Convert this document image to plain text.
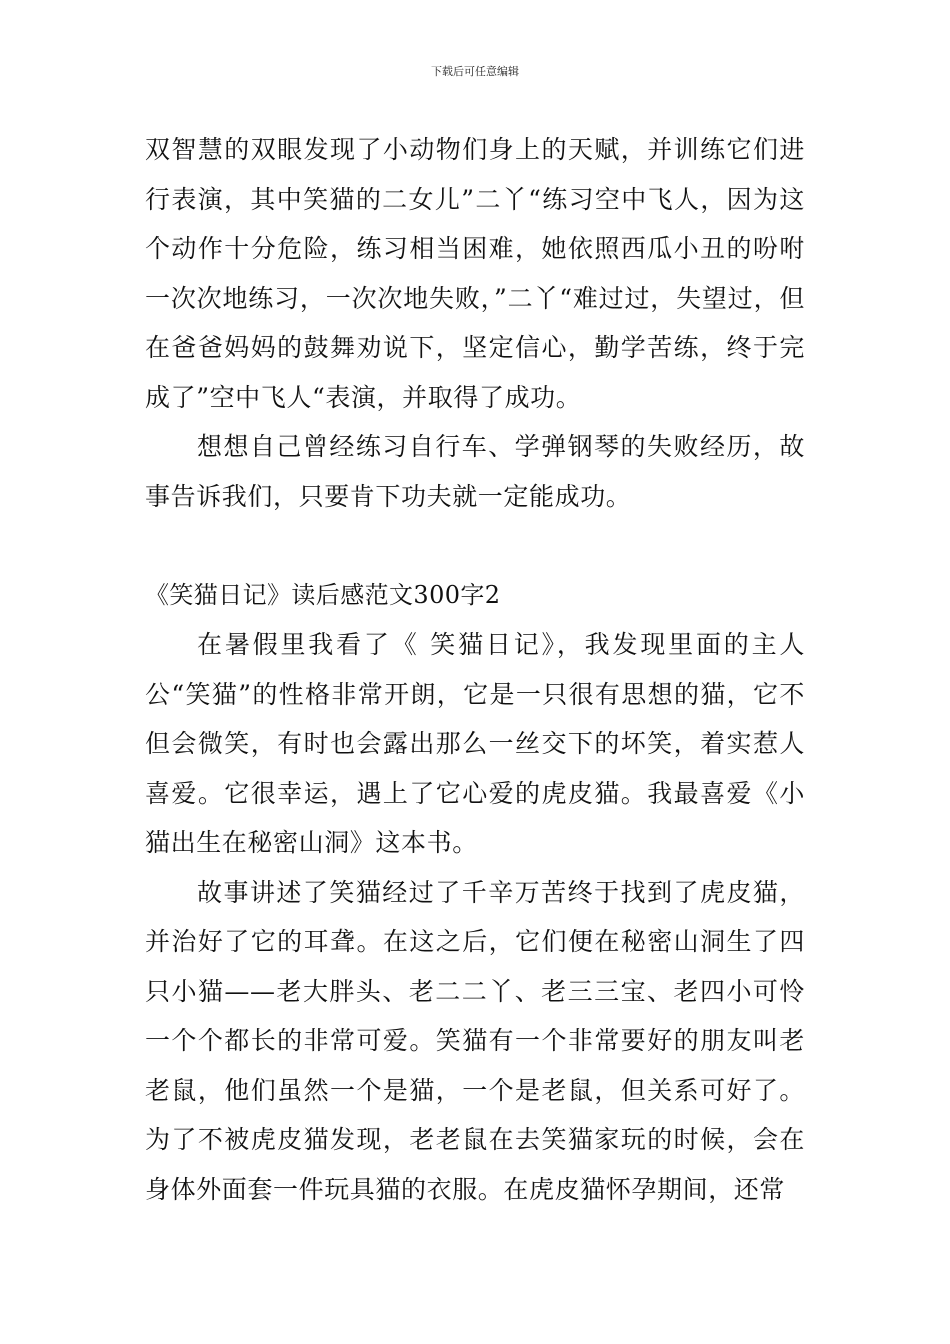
下载后可任意编辑

双智慧的双眼发现了小动物们身上的天赋，并训练它们进行表演，其中笑猫的二女儿”二丫“练习空中飞人，因为这个动作十分危险，练习相当困难，她依照西瓜小丑的吩咐一次次地练习，一次次地失败，”二丫“难过过，失望过，但在爸爸妈妈的鼓舞劝说下，坚定信心，勤学苦练，终于完成了”空中飞人“表演，并取得了成功。

想想自己曾经练习自行车、学弹钢琴的失败经历，故事告诉我们，只要肯下功夫就一定能成功。

《笑猫日记》读后感范文300字2

在暑假里我看了《 笑猫日记》，我发现里面的主人公“笑猫”的性格非常开朗，它是一只很有思想的猫，它不但会微笑，有时也会露出那么一丝交下的坏笑，着实惹人喜爱。它很幸运，遇上了它心爱的虎皮猫。我最喜爱《小猫出生在秘密山洞》这本书。

故事讲述了笑猫经过了千辛万苦终于找到了虎皮猫，并治好了它的耳聋。在这之后，它们便在秘密山洞生了四只小猫——老大胖头、老二二丫、老三三宝、老四小可怜一个个都长的非常可爱。笑猫有一个非常要好的朋友叫老老鼠，他们虽然一个是猫，一个是老鼠，但关系可好了。为了不被虎皮猫发现，老老鼠在去笑猫家玩的时候，会在身体外面套一件玩具猫的衣服。在虎皮猫怀孕期间，还常
